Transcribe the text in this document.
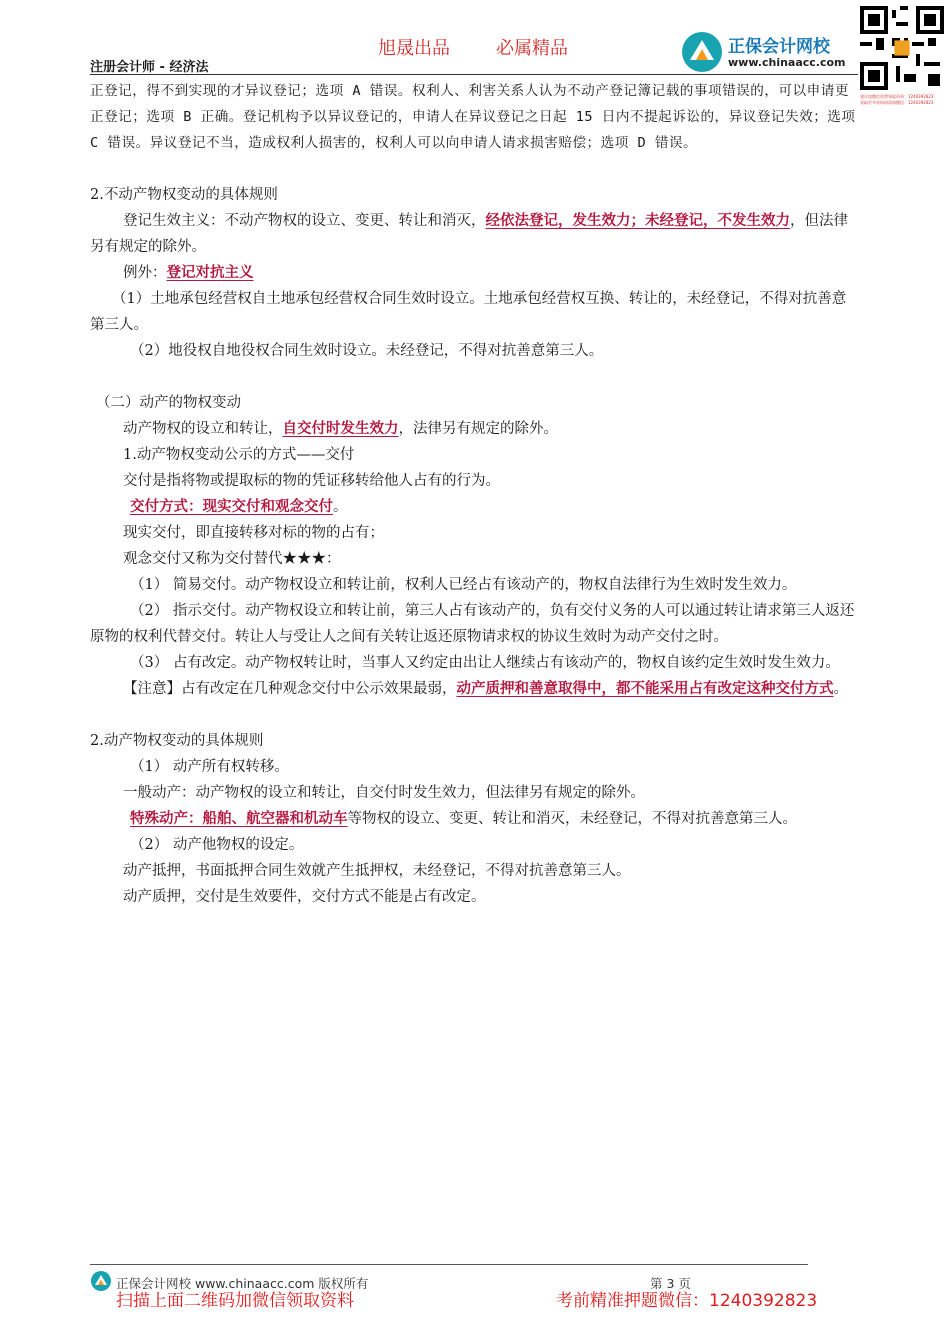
旭晟出品	必属精品
注册会计师 - 经济法
正保会计网校
www.chinaacc.com
建议加微信免费领取资料：1240392823
获取更多资料请添加微信：1240392823

正登记，得不到实现的才异议登记；选项 A 错误。权利人、利害关系人认为不动产登记簿记载的事项错误的，可以申请更正登记；选项 B 正确。登记机构予以异议登记的，申请人在异议登记之日起 15 日内不提起诉讼的，异议登记失效；选项 C 错误。异议登记不当，造成权利人损害的，权利人可以向申请人请求损害赔偿；选项 D 错误。

2.不动产物权变动的具体规则

登记生效主义：不动产物权的设立、变更、转让和消灭，经依法登记，发生效力；未经登记，不发生效力，但法律另有规定的除外。

例外：登记对抗主义

（1）土地承包经营权自土地承包经营权合同生效时设立。土地承包经营权互换、转让的，未经登记，不得对抗善意第三人。

（2）地役权自地役权合同生效时设立。未经登记，不得对抗善意第三人。

（二）动产的物权变动

动产物权的设立和转让，自交付时发生效力，法律另有规定的除外。

1.动产物权变动公示的方式——交付

交付是指将物或提取标的物的凭证移转给他人占有的行为。

交付方式：现实交付和观念交付。

现实交付，即直接转移对标的物的占有；

观念交付又称为交付替代★★★：

（1） 简易交付。动产物权设立和转让前，权利人已经占有该动产的，物权自法律行为生效时发生效力。

（2） 指示交付。动产物权设立和转让前，第三人占有该动产的，负有交付义务的人可以通过转让请求第三人返还原物的权利代替交付。转让人与受让人之间有关转让返还原物请求权的协议生效时为动产交付之时。

（3） 占有改定。动产物权转让时，当事人又约定由出让人继续占有该动产的，物权自该约定生效时发生效力。

【注意】占有改定在几种观念交付中公示效果最弱，动产质押和善意取得中，都不能采用占有改定这种交付方式。

2.动产物权变动的具体规则

（1） 动产所有权转移。

一般动产：动产物权的设立和转让，自交付时发生效力，但法律另有规定的除外。

特殊动产：船舶、航空器和机动车等物权的设立、变更、转让和消灭，未经登记，不得对抗善意第三人。

（2） 动产他物权的设定。

动产抵押，书面抵押合同生效就产生抵押权，未经登记，不得对抗善意第三人。

动产质押，交付是生效要件，交付方式不能是占有改定。

正保会计网校 www.chinaacc.com 版权所有	第 3 页
扫描上面二维码加微信领取资料	考前精准押题微信：1240392823
